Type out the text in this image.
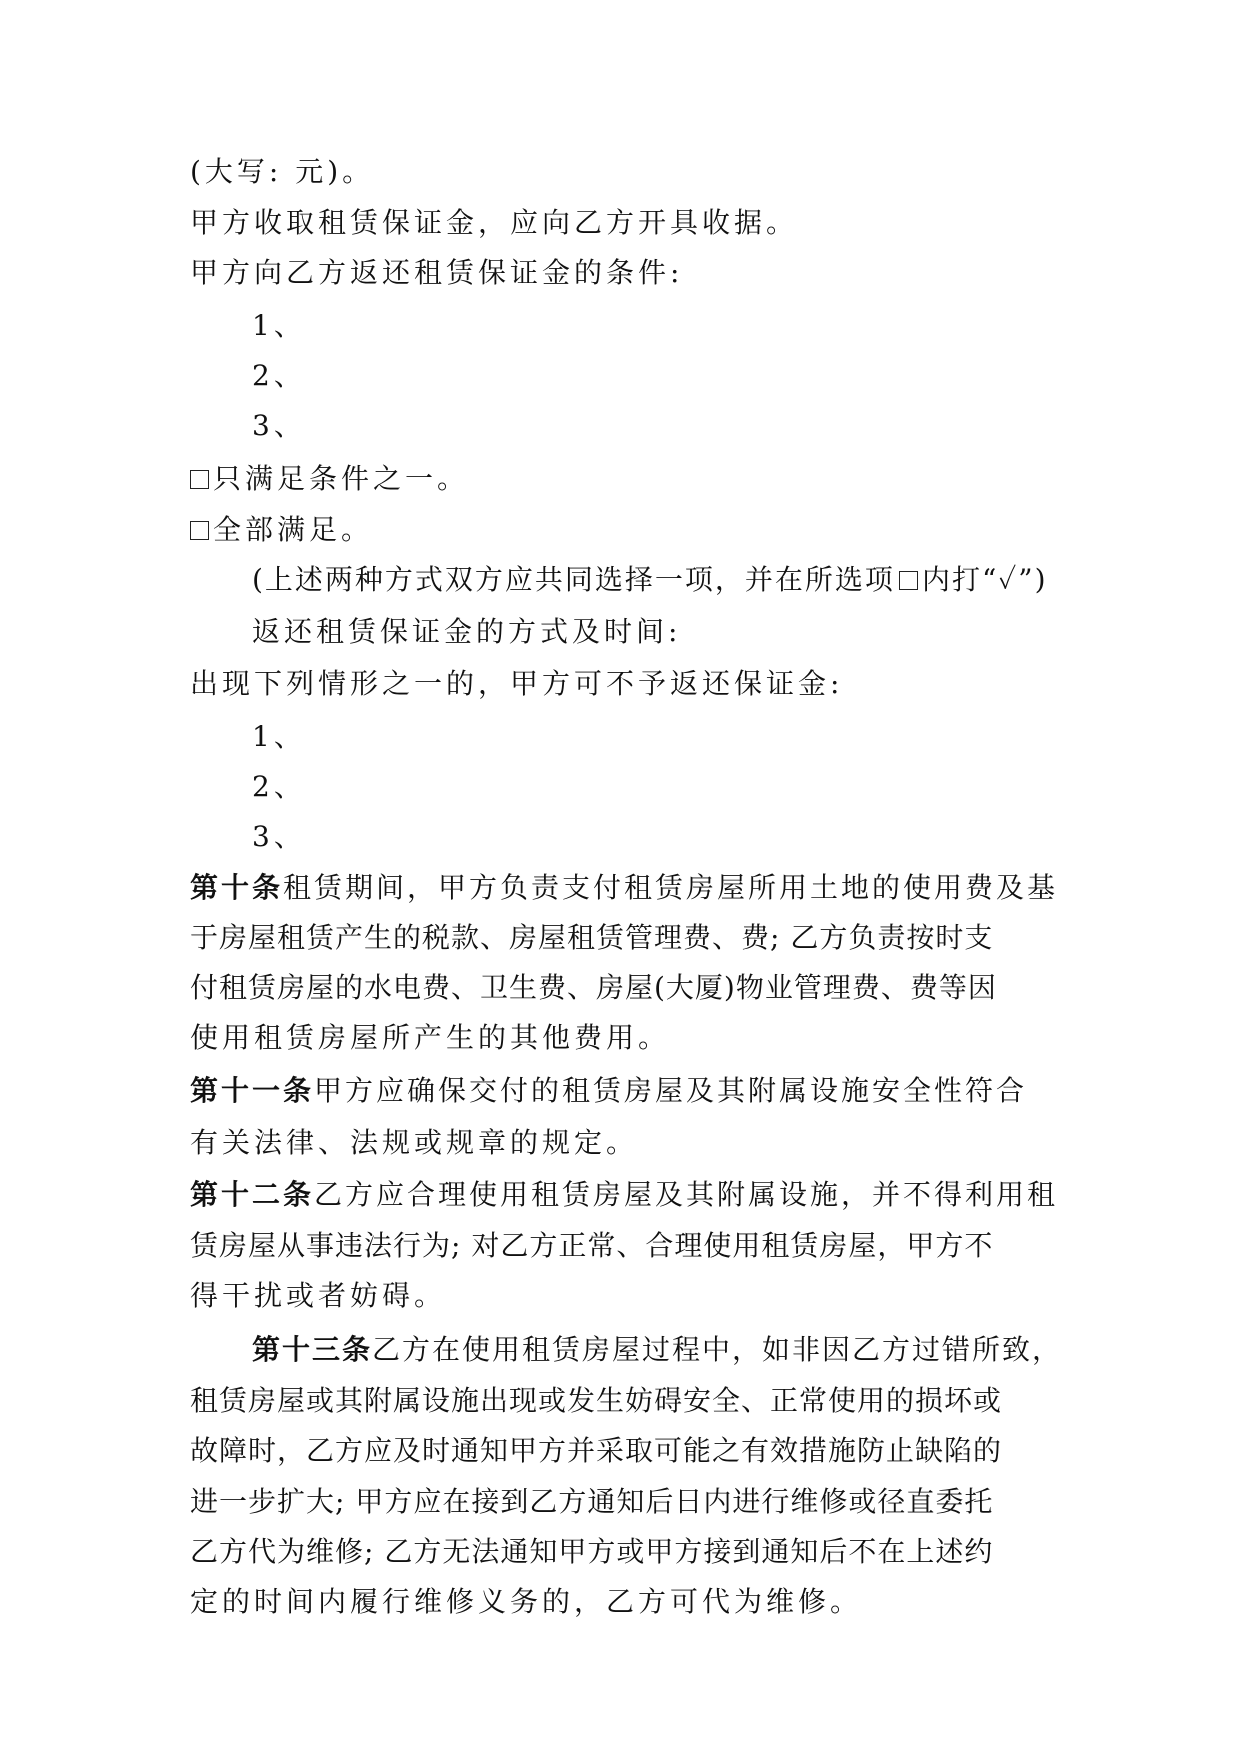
(大写: 元)。
甲方收取租赁保证金，应向乙方开具收据。
甲方向乙方返还租赁保证金的条件:
1、
2、
3、
只满足条件之一。
全部满足。
(上述两种方式双方应共同选择一项，并在所选项 内打“✓”)
返还租赁保证金的方式及时间:
出现下列情形之一的，甲方可不予返还保证金:
1、
2、
3、
第十条租赁期间，甲方负责支付租赁房屋所用土地的使用费及基
于房屋租赁产生的税款、房屋租赁管理费、费; 乙方负责按时支
付租赁房屋的水电费、卫生费、房屋(大厦)物业管理费、费等因
使用租赁房屋所产生的其他费用。
第十一条甲方应确保交付的租赁房屋及其附属设施安全性符合
有关法律、法规或规章的规定。
第十二条乙方应合理使用租赁房屋及其附属设施，并不得利用租
赁房屋从事违法行为; 对乙方正常、合理使用租赁房屋，甲方不
得干扰或者妨碍。
第十三条乙方在使用租赁房屋过程中，如非因乙方过错所致，
租赁房屋或其附属设施出现或发生妨碍安全、正常使用的损坏或
故障时，乙方应及时通知甲方并采取可能之有效措施防止缺陷的
进一步扩大; 甲方应在接到乙方通知后日内进行维修或径直委托
乙方代为维修; 乙方无法通知甲方或甲方接到通知后不在上述约
定的时间内履行维修义务的，乙方可代为维修。
